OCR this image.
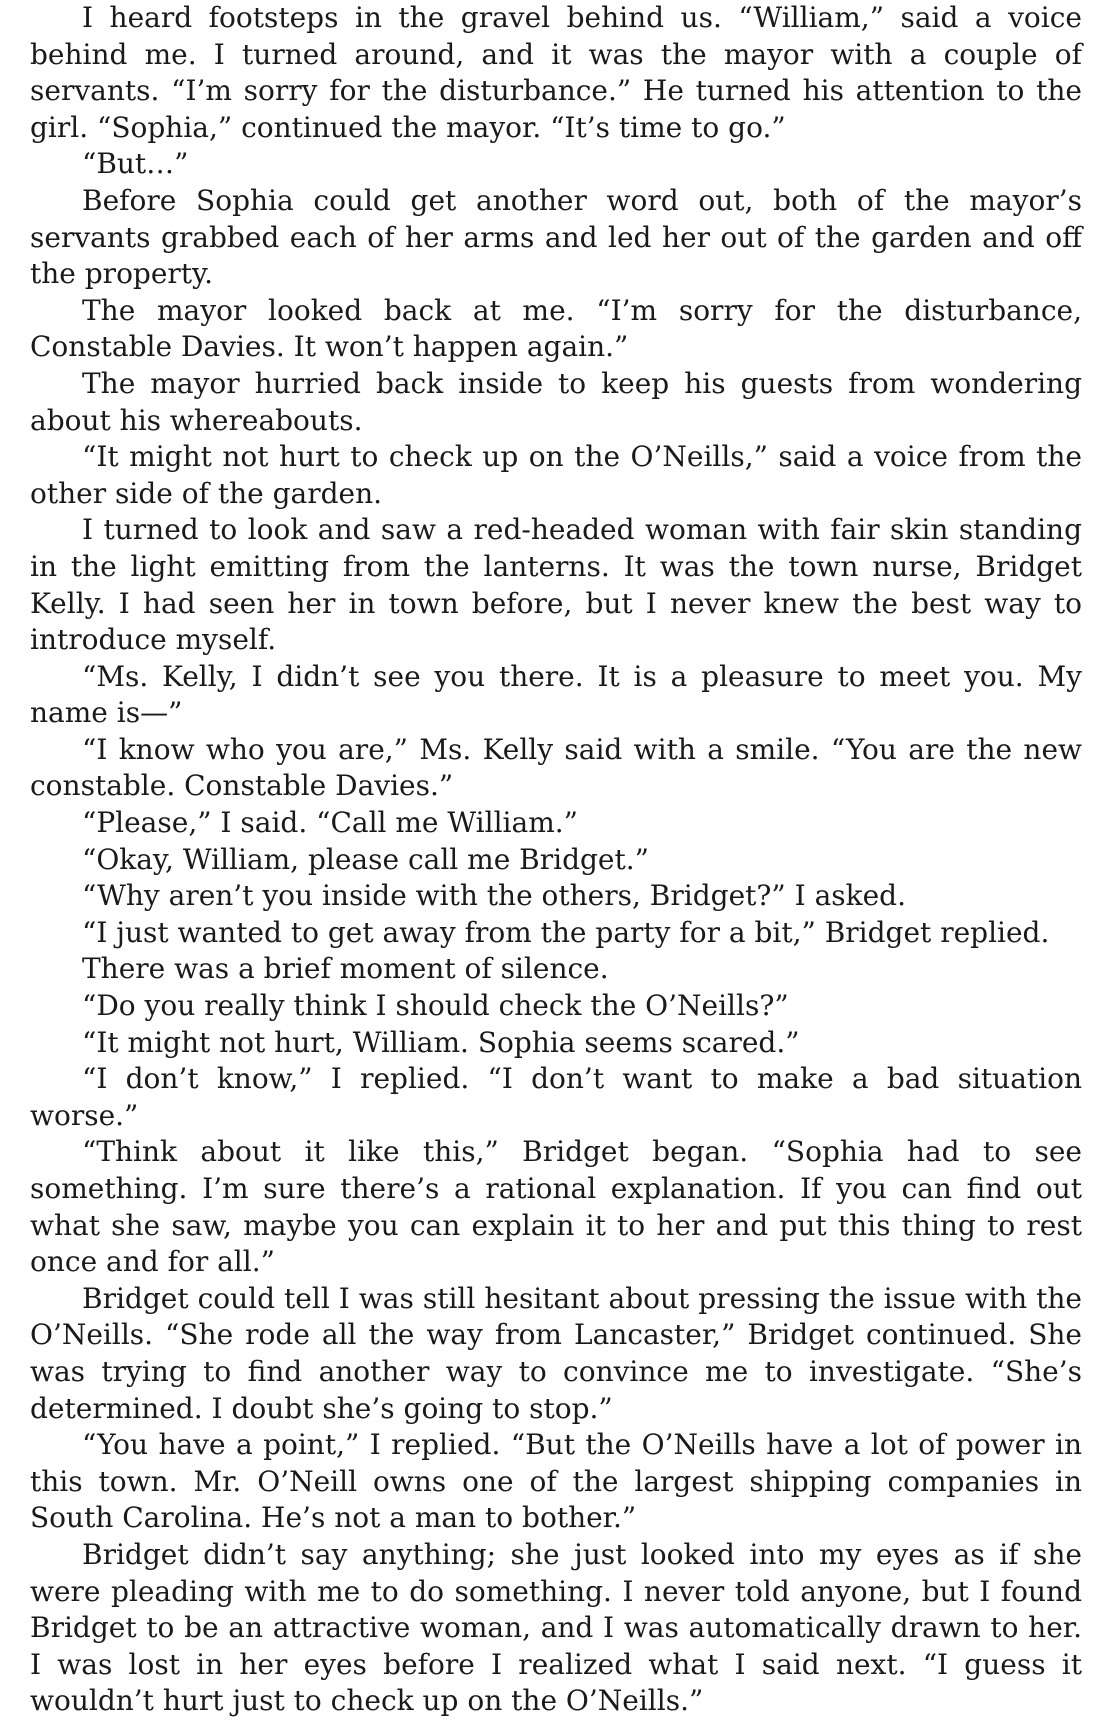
I heard footsteps in the gravel behind us. “William,” said a voice behind me. I turned around, and it was the mayor with a couple of servants. “I’m sorry for the disturbance.” He turned his attention to the girl. “Sophia,” continued the mayor. “It’s time to go.”

“But…”

Before Sophia could get another word out, both of the mayor’s servants grabbed each of her arms and led her out of the garden and off the property.

The mayor looked back at me. “I’m sorry for the disturbance, Constable Davies. It won’t happen again.”

The mayor hurried back inside to keep his guests from wondering about his whereabouts.

“It might not hurt to check up on the O’Neills,” said a voice from the other side of the garden.

I turned to look and saw a red-headed woman with fair skin standing in the light emitting from the lanterns. It was the town nurse, Bridget Kelly. I had seen her in town before, but I never knew the best way to introduce myself.

“Ms. Kelly, I didn’t see you there. It is a pleasure to meet you. My name is—”

“I know who you are,” Ms. Kelly said with a smile. “You are the new constable. Constable Davies.”

“Please,” I said. “Call me William.”

“Okay, William, please call me Bridget.”

“Why aren’t you inside with the others, Bridget?” I asked.

“I just wanted to get away from the party for a bit,” Bridget replied.

There was a brief moment of silence.

“Do you really think I should check the O’Neills?”

“It might not hurt, William. Sophia seems scared.”

“I don’t know,” I replied. “I don’t want to make a bad situation worse.”

“Think about it like this,” Bridget began. “Sophia had to see something. I’m sure there’s a rational explanation. If you can find out what she saw, maybe you can explain it to her and put this thing to rest once and for all.”

Bridget could tell I was still hesitant about pressing the issue with the O’Neills. “She rode all the way from Lancaster,” Bridget continued. She was trying to find another way to convince me to investigate. “She’s determined. I doubt she’s going to stop.”

“You have a point,” I replied. “But the O’Neills have a lot of power in this town. Mr. O’Neill owns one of the largest shipping companies in South Carolina. He’s not a man to bother.”

Bridget didn’t say anything; she just looked into my eyes as if she were pleading with me to do something. I never told anyone, but I found Bridget to be an attractive woman, and I was automatically drawn to her. I was lost in her eyes before I realized what I said next. “I guess it wouldn’t hurt just to check up on the O’Neills.”
